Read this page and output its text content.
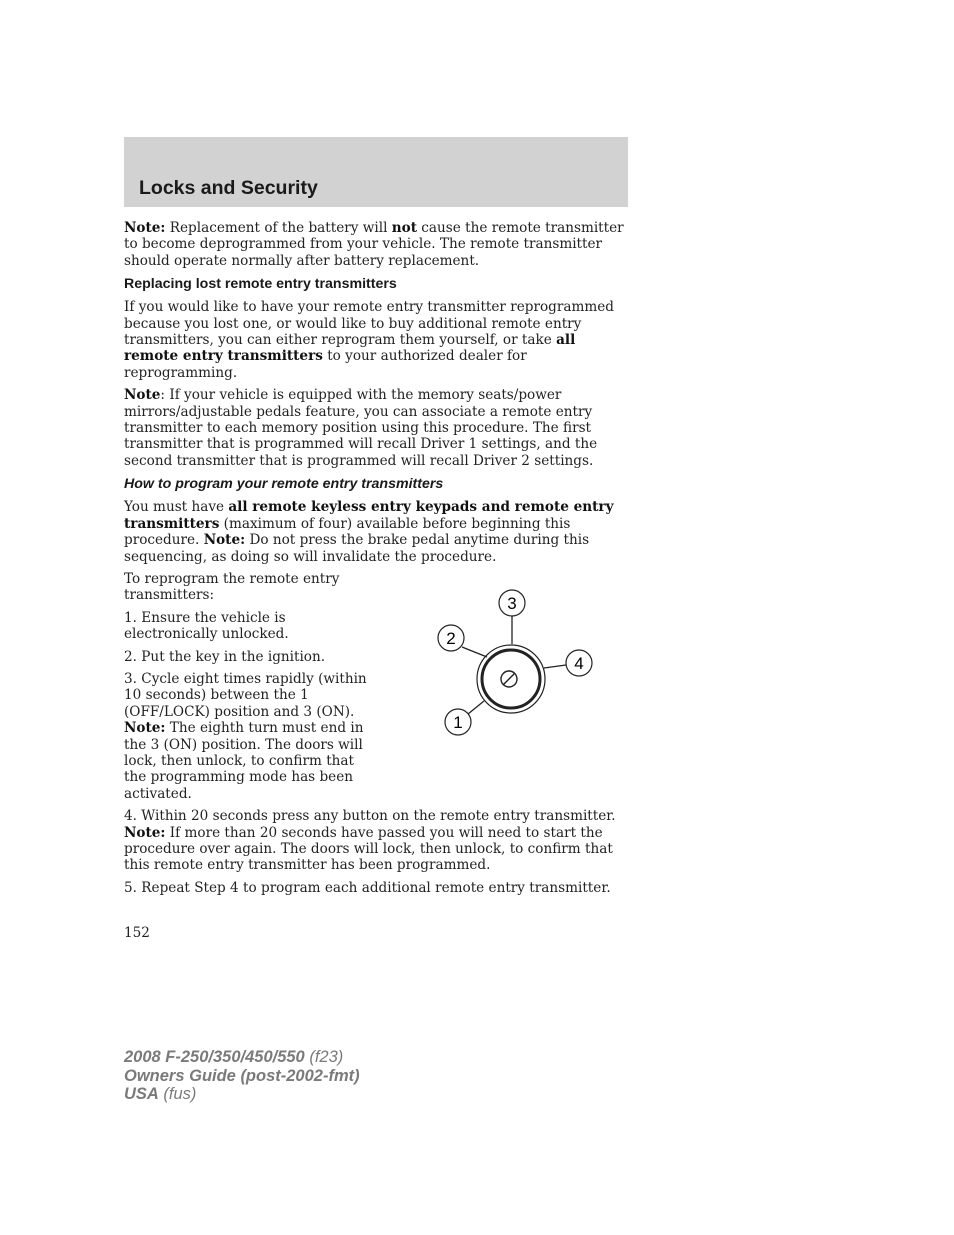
Locks and Security

Note: Replacement of the battery will not cause the remote transmitter to become deprogrammed from your vehicle. The remote transmitter should operate normally after battery replacement.

Replacing lost remote entry transmitters

If you would like to have your remote entry transmitter reprogrammed because you lost one, or would like to buy additional remote entry transmitters, you can either reprogram them yourself, or take all remote entry transmitters to your authorized dealer for reprogramming.

Note: If your vehicle is equipped with the memory seats/power mirrors/adjustable pedals feature, you can associate a remote entry transmitter to each memory position using this procedure. The first transmitter that is programmed will recall Driver 1 settings, and the second transmitter that is programmed will recall Driver 2 settings.

How to program your remote entry transmitters

You must have all remote keyless entry keypads and remote entry transmitters (maximum of four) available before beginning this procedure. Note: Do not press the brake pedal anytime during this sequencing, as doing so will invalidate the procedure.

To reprogram the remote entry transmitters:

1. Ensure the vehicle is electronically unlocked.

2. Put the key in the ignition.

3. Cycle eight times rapidly (within 10 seconds) between the 1 (OFF/LOCK) position and 3 (ON). Note: The eighth turn must end in the 3 (ON) position. The doors will lock, then unlock, to confirm that the programming mode has been activated.

4. Within 20 seconds press any button on the remote entry transmitter. Note: If more than 20 seconds have passed you will need to start the procedure over again. The doors will lock, then unlock, to confirm that this remote entry transmitter has been programmed.

5. Repeat Step 4 to program each additional remote entry transmitter.

3
2
4
1
152
2008 F-250/350/450/550 (f23)
Owners Guide (post-2002-fmt)
USA (fus)
